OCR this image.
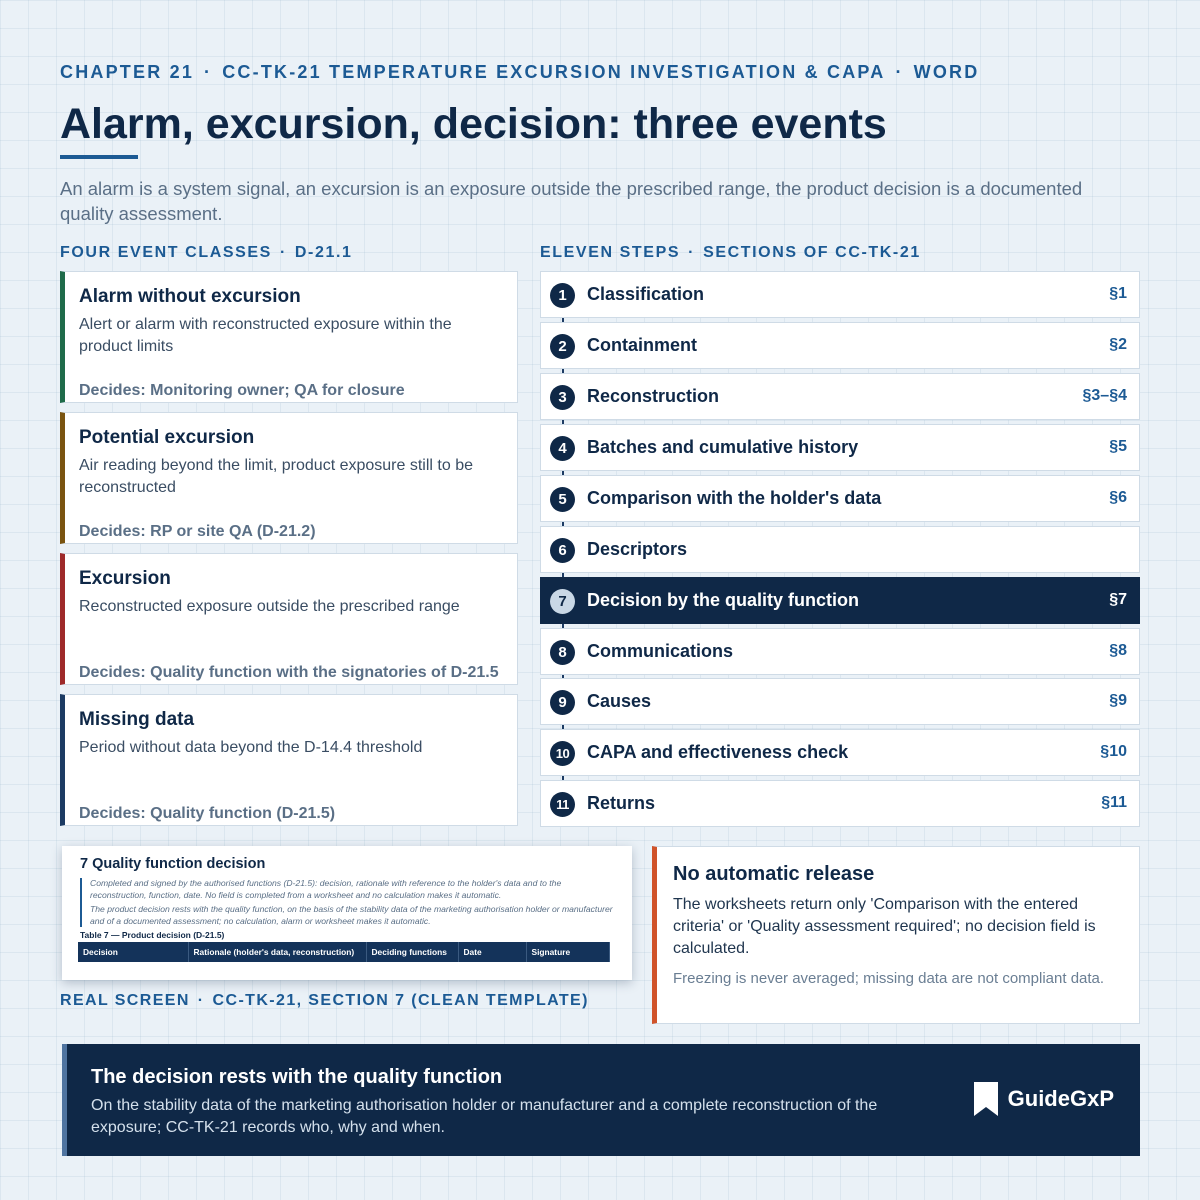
CHAPTER 21 · CC-TK-21 TEMPERATURE EXCURSION INVESTIGATION & CAPA · WORD
Alarm, excursion, decision: three events
An alarm is a system signal, an excursion is an exposure outside the prescribed range, the product decision is a documented quality assessment.
FOUR EVENT CLASSES · D-21.1	ELEVEN STEPS · SECTIONS OF CC-TK-21
Alarm without excursion
Alert or alarm with reconstructed exposure within the product limits
Decides: Monitoring owner; QA for closure
Potential excursion
Air reading beyond the limit, product exposure still to be reconstructed
Decides: RP or site QA (D-21.2)
Excursion
Reconstructed exposure outside the prescribed range
Decides: Quality function with the signatories of D-21.5
Missing data
Period without data beyond the D-14.4 threshold
Decides: Quality function (D-21.5)
1	Classification	§1
2	Containment	§2
3	Reconstruction	§3–§4
4	Batches and cumulative history	§5
5	Comparison with the holder's data	§6
6	Descriptors
7	Decision by the quality function	§7
8	Communications	§8
9	Causes	§9
10 CAPA and effectiveness check	§10
11	Returns	§11
7 Quality function decision

Completed and signed by the authorised functions (D-21.5): decision, rationale with reference to the holder's data and to the reconstruction, function, date. No field is completed from a worksheet and no calculation makes it automatic.

The product decision rests with the quality function, on the basis of the stability data of the marketing authorisation holder or manufacturer and of a documented assessment; no calculation, alarm or worksheet makes it automatic.

Table 7 — Product decision (D-21.5)
Decision	Rationale (holder's data, reconstruction)	Deciding functions	Date	Signature
REAL SCREEN · CC-TK-21, SECTION 7 (CLEAN TEMPLATE)
No automatic release
The worksheets return only 'Comparison with the entered criteria' or 'Quality assessment required'; no decision field is calculated.
Freezing is never averaged; missing data are not compliant data.
The decision rests with the quality function
On the stability data of the marketing authorisation holder or manufacturer and a complete reconstruction of the exposure; CC-TK-21 records who, why and when.
GuideGxP
